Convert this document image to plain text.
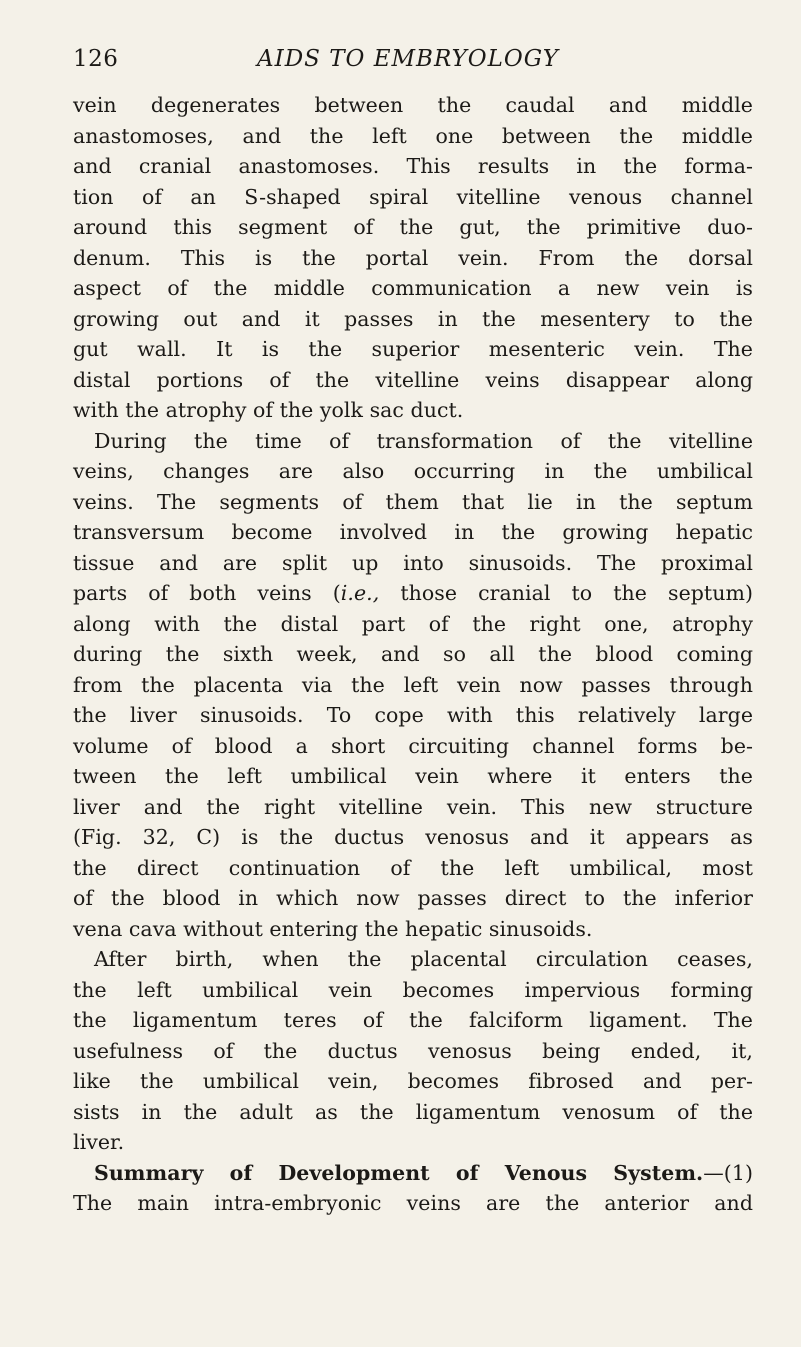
126	AIDS TO EMBRYOLOGY
vein degenerates between the caudal and middle
anastomoses, and the left one between the middle
and cranial anastomoses. This results in the forma-
tion of an S-shaped spiral vitelline venous channel
around this segment of the gut, the primitive duo-
denum. This is the portal vein. From the dorsal
aspect of the middle communication a new vein is
growing out and it passes in the mesentery to the
gut wall. It is the superior mesenteric vein. The
distal portions of the vitelline veins disappear along
with the atrophy of the yolk sac duct.
During the time of transformation of the vitelline
veins, changes are also occurring in the umbilical
veins. The segments of them that lie in the septum
transversum become involved in the growing hepatic
tissue and are split up into sinusoids. The proximal
parts of both veins (i.e., those cranial to the septum)
along with the distal part of the right one, atrophy
during the sixth week, and so all the blood coming
from the placenta via the left vein now passes through
the liver sinusoids. To cope with this relatively large
volume of blood a short circuiting channel forms be-
tween the left umbilical vein where it enters the
liver and the right vitelline vein. This new structure
(Fig. 32, C) is the ductus venosus and it appears as
the direct continuation of the left umbilical, most
of the blood in which now passes direct to the inferior
vena cava without entering the hepatic sinusoids.
After birth, when the placental circulation ceases,
the left umbilical vein becomes impervious forming
the ligamentum teres of the falciform ligament. The
usefulness of the ductus venosus being ended, it,
like the umbilical vein, becomes fibrosed and per-
sists in the adult as the ligamentum venosum of the
liver.
Summary of Development of Venous System.—(1)
The main intra-embryonic veins are the anterior and
